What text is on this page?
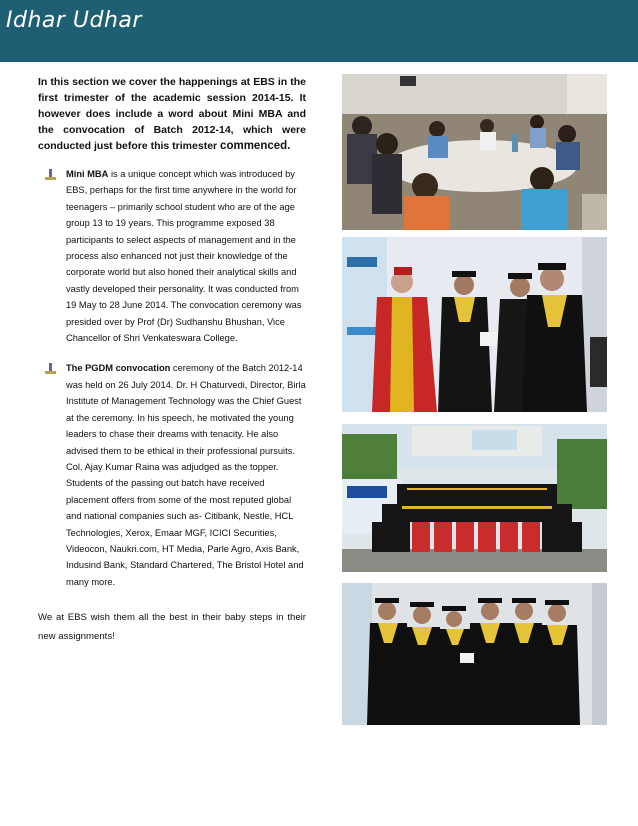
Idhar Udhar

In this section we cover the happenings at EBS in the first trimester of the academic session 2014-15. It however does include a word about Mini MBA and the convocation of Batch 2012-14, which were conducted just before this trimester commenced.

Mini MBA is a unique concept which was introduced by EBS, perhaps for the first time anywhere in the world for teenagers – primarily school student who are of the age group 13 to 19 years. This programme exposed 38 participants to select aspects of management and in the process also enhanced not just their knowledge of the corporate world but also honed their analytical skills and vastly developed their personality. It was conducted from 19 May to 28 June 2014. The convocation ceremony was presided over by Prof (Dr) Sudhanshu Bhushan, Vice Chancellor of Shri Venkateswara College.
The PGDM convocation ceremony of the Batch 2012-14 was held on 26 July 2014. Dr. H Chaturvedi, Director, Birla Institute of Management Technology was the Chief Guest at the ceremony. In his speech, he motivated the young leaders to chase their dreams with tenacity. He also advised them to be ethical in their professional pursuits. Col. Ajay Kumar Raina was adjudged as the topper. Students of the passing out batch have received placement offers from some of the most reputed global and national companies such as- Citibank, Nestle, HCL Technologies, Xerox, Emaar MGF, ICICI Securities, Videocon, Naukri.com, HT Media, Parle Agro, Axis Bank, Indusind Bank, Standard Chartered, The Bristol Hotel and many more.

We at EBS wish them all the best in their baby steps in their new assignments!
